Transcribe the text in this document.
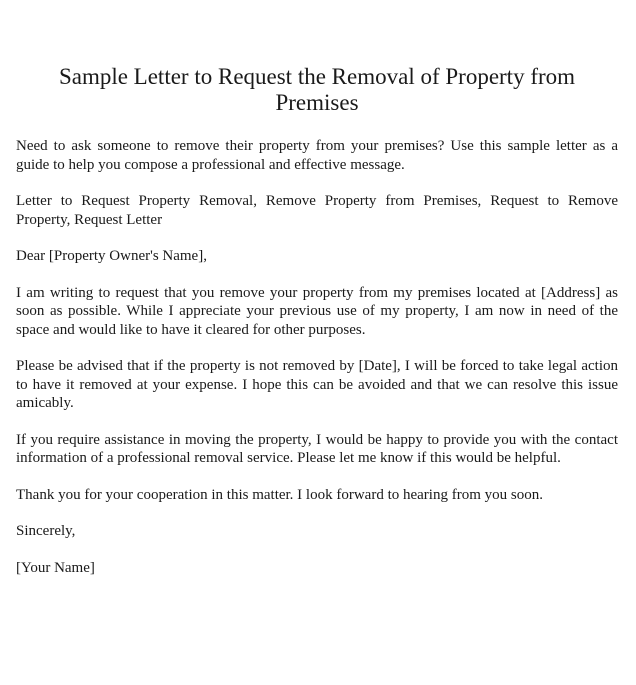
Sample Letter to Request the Removal of Property from Premises

Need to ask someone to remove their property from your premises? Use this sample letter as a guide to help you compose a professional and effective message.

Letter to Request Property Removal, Remove Property from Premises, Request to Remove Property, Request Letter

Dear [Property Owner's Name],

I am writing to request that you remove your property from my premises located at [Address] as soon as possible. While I appreciate your previous use of my property, I am now in need of the space and would like to have it cleared for other purposes.

Please be advised that if the property is not removed by [Date], I will be forced to take legal action to have it removed at your expense. I hope this can be avoided and that we can resolve this issue amicably.

If you require assistance in moving the property, I would be happy to provide you with the contact information of a professional removal service. Please let me know if this would be helpful.

Thank you for your cooperation in this matter. I look forward to hearing from you soon.

Sincerely,

[Your Name]
